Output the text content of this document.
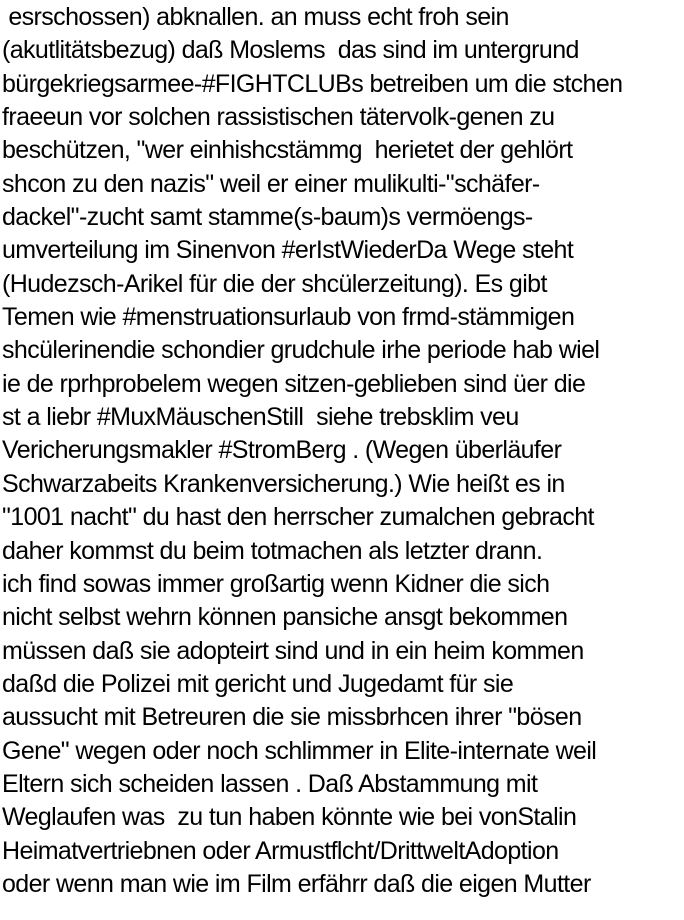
esrschossen) abknallen. an muss echt froh sein
(akutlitätsbezug) daß Moslems  das sind im untergrund
bürgekriegsarmee-#FIGHTCLUBs betreiben um die stchen
fraeeun vor solchen rassistischen tätervolk-genen zu
beschützen, "wer einhishcstämmg  herietet der gehlört
shcon zu den nazis" weil er einer mulikulti-"schäfer-
dackel"-zucht samt stamme(s-baum)s vermöengs-
umverteilung im Sinenvon #erIstWiederDa Wege steht
(Hudezsch-Arikel für die der shcülerzeitung). Es gibt
Temen wie #menstruationsurlaub von frmd-stämmigen
shcülerinendie schondier grudchule irhe periode hab wiel
ie de rprhprobelem wegen sitzen-geblieben sind üer die
st a liebr #MuxMäuschenStill  siehe trebsklim veu
Vericherungsmakler #StromBerg . (Wegen überläufer
Schwarzabeits Krankenversicherung.) Wie heißt es in
"1001 nacht" du hast den herrscher zumalchen gebracht
daher kommst du beim totmachen als letzter drann.
ich find sowas immer großartig wenn Kidner die sich
nicht selbst wehrn können pansiche ansgt bekommen
müssen daß sie adopteirt sind und in ein heim kommen
daßd die Polizei mit gericht und Jugedamt für sie
aussucht mit Betreuren die sie missbrhcen ihrer "bösen
Gene" wegen oder noch schlimmer in Elite-internate weil
Eltern sich scheiden lassen . Daß Abstammung mit
Weglaufen was  zu tun haben könnte wie bei vonStalin
Heimatvertriebnen oder Armustflcht/DrittweltAdoption
oder wenn man wie im Film erfährr daß die eigen Mutter
